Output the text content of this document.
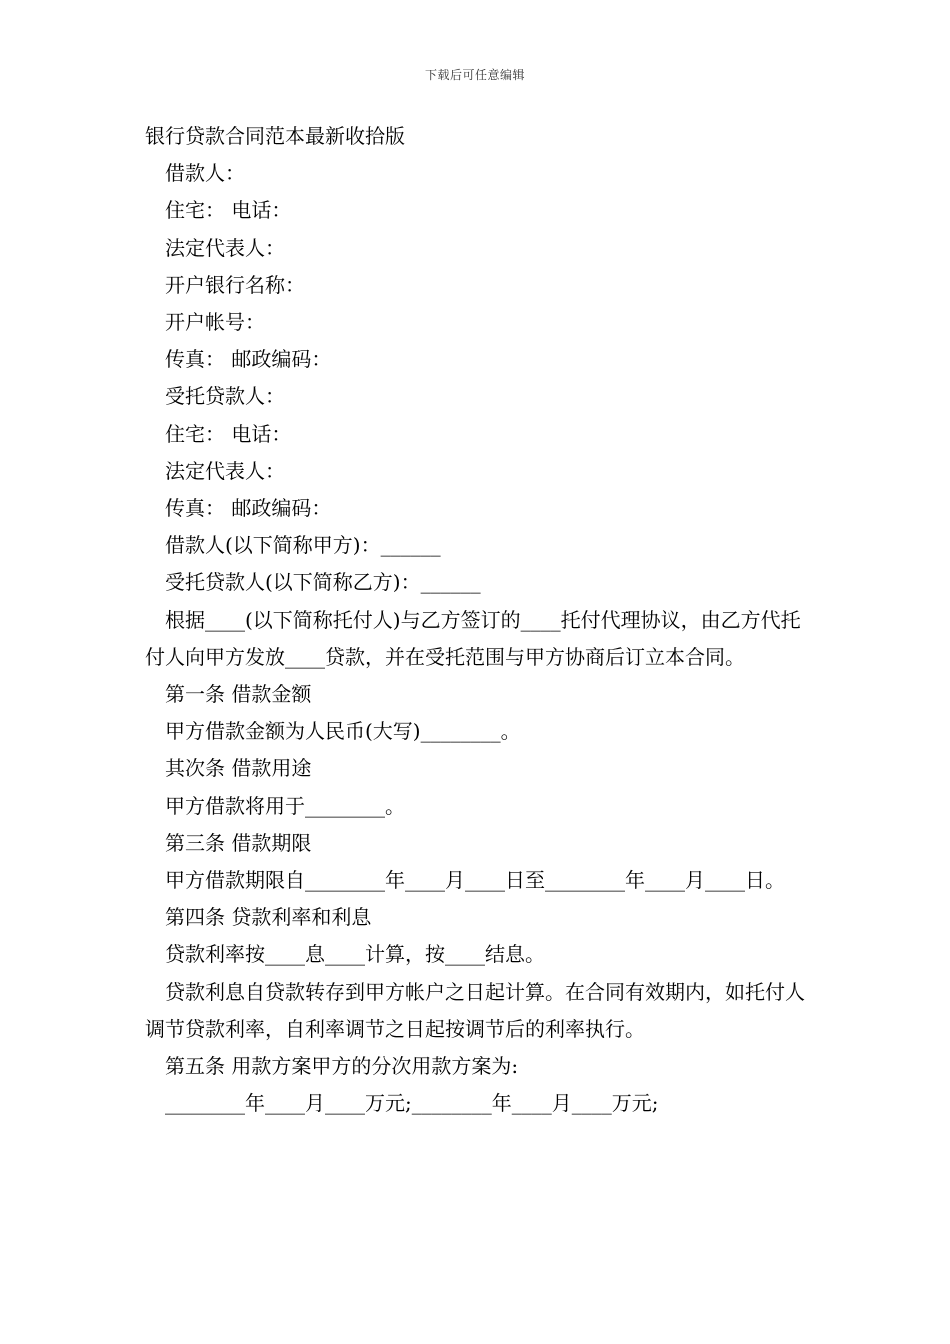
下载后可任意编辑

银行贷款合同范本最新收拾版

借款人：

住宅： 电话：

法定代表人：

开户银行名称：

开户帐号：

传真： 邮政编码：

受托贷款人：

住宅： 电话：

法定代表人：

传真： 邮政编码：

借款人(以下简称甲方)：______

受托贷款人(以下简称乙方)：______

根据____(以下简称托付人)与乙方签订的____托付代理协议，由乙方代托付人向甲方发放____贷款，并在受托范围与甲方协商后订立本合同。

第一条 借款金额

甲方借款金额为人民币(大写)________。

其次条 借款用途

甲方借款将用于________。

第三条 借款期限

甲方借款期限自________年____月____日至________年____月____日。

第四条 贷款利率和利息

贷款利率按____息____计算，按____结息。

贷款利息自贷款转存到甲方帐户之日起计算。在合同有效期内，如托付人调节贷款利率，自利率调节之日起按调节后的利率执行。

第五条 用款方案甲方的分次用款方案为:

________年____月____万元;________年____月____万元;
